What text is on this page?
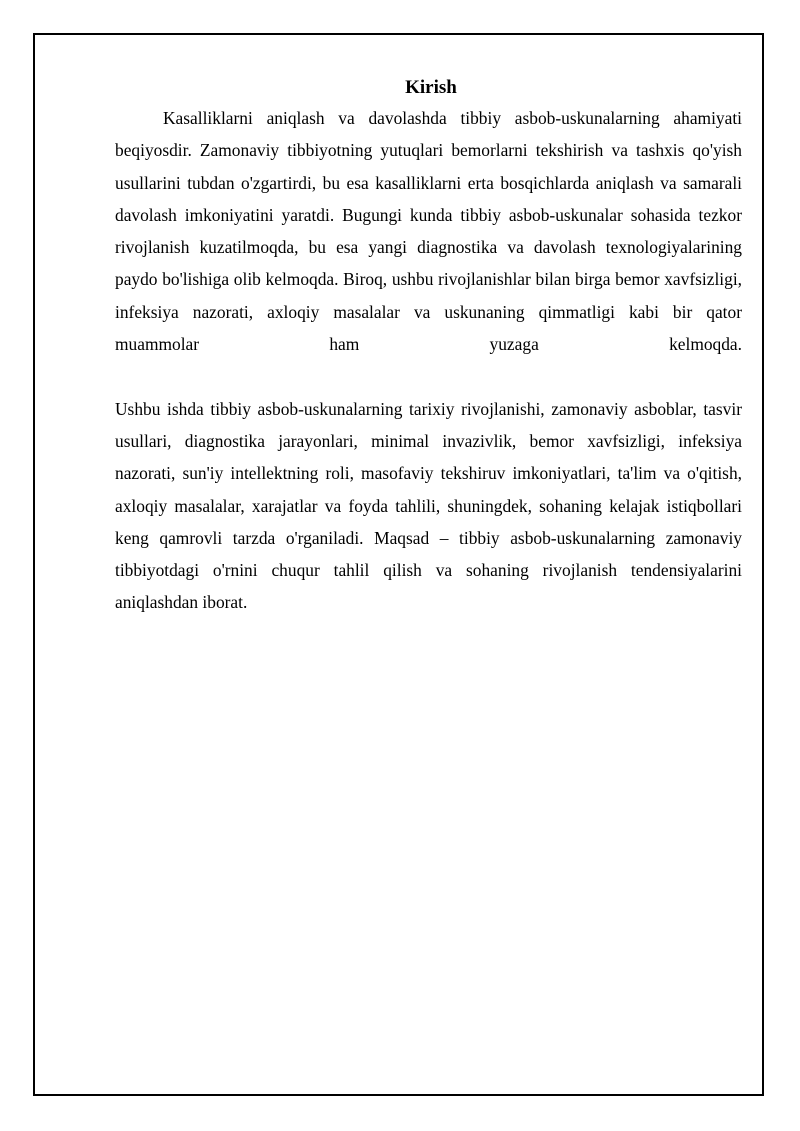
Kirish

Kasalliklarni aniqlash va davolashda tibbiy asbob-uskunalarning ahamiyati beqiyosdir. Zamonaviy tibbiyotning yutuqlari bemorlarni tekshirish va tashxis qo'yish usullarini tubdan o'zgartirdi, bu esa kasalliklarni erta bosqichlarda aniqlash va samarali davolash imkoniyatini yaratdi. Bugungi kunda tibbiy asbob-uskunalar sohasida tezkor rivojlanish kuzatilmoqda, bu esa yangi diagnostika va davolash texnologiyalarining paydo bo'lishiga olib kelmoqda. Biroq, ushbu rivojlanishlar bilan birga bemor xavfsizligi, infeksiya nazorati, axloqiy masalalar va uskunaning qimmatligi kabi bir qator muammolar ham yuzaga kelmoqda.

Ushbu ishda tibbiy asbob-uskunalarning tarixiy rivojlanishi, zamonaviy asboblar, tasvir usullari, diagnostika jarayonlari, minimal invazivlik, bemor xavfsizligi, infeksiya nazorati, sun'iy intellektning roli, masofaviy tekshiruv imkoniyatlari, ta'lim va o'qitish, axloqiy masalalar, xarajatlar va foyda tahlili, shuningdek, sohaning kelajak istiqbollari keng qamrovli tarzda o'rganiladi. Maqsad – tibbiy asbob-uskunalarning zamonaviy tibbiyotdagi o'rnini chuqur tahlil qilish va sohaning rivojlanish tendensiyalarini aniqlashdan iborat.
